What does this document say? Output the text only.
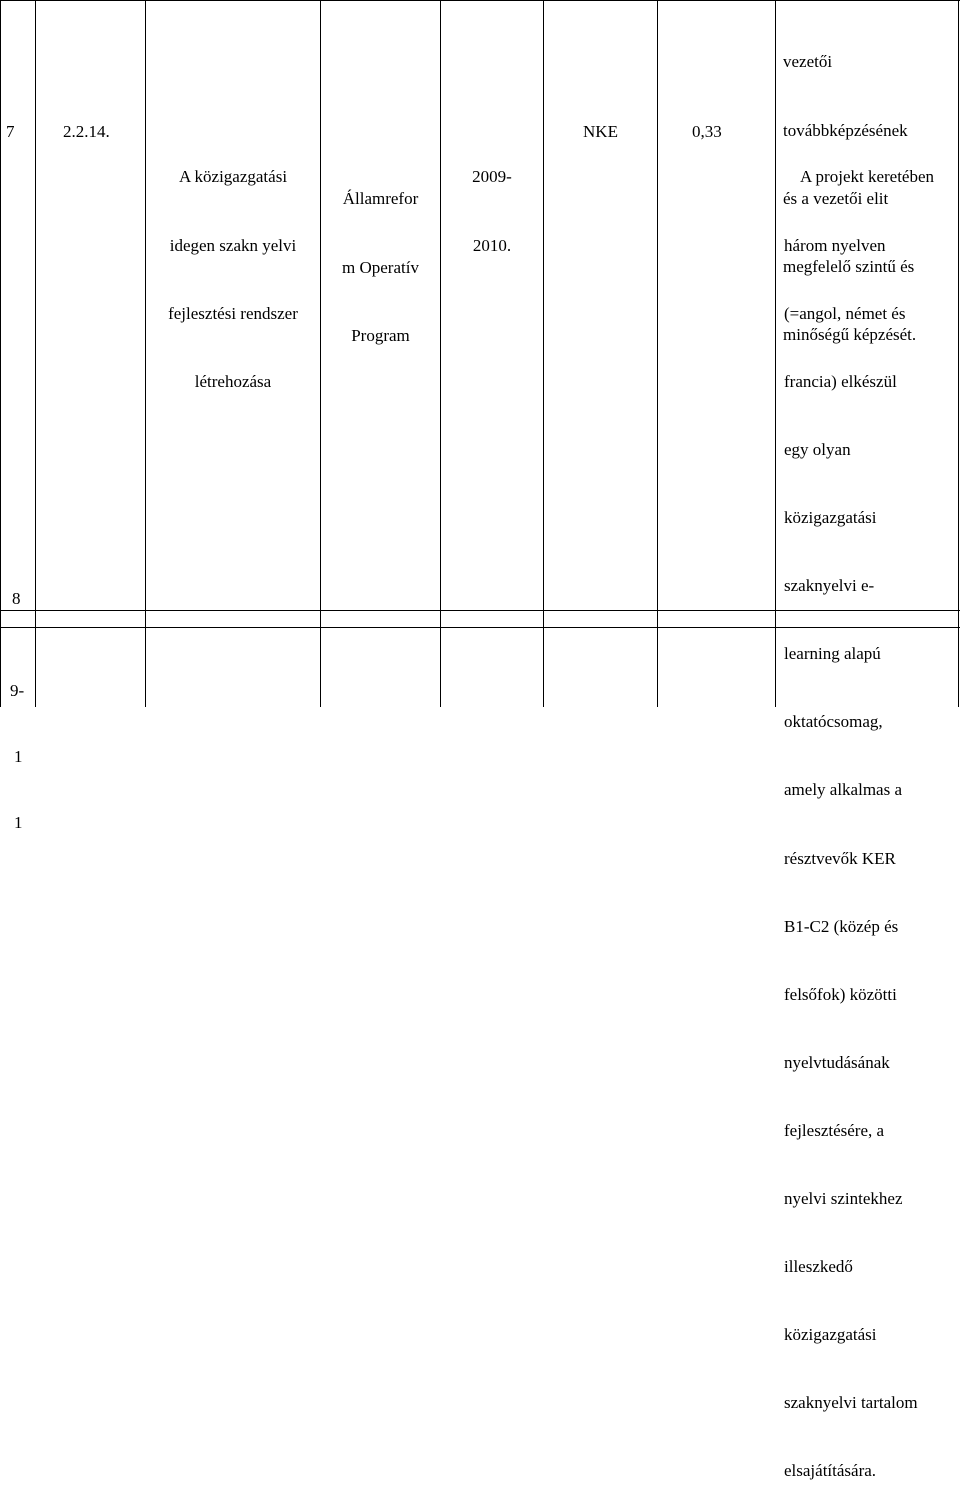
vezetői

továbbképzésének

és a vezetői elit

megfelelő szintű és

minőségű képzését.

7	2.2.14.

A közigazgatási

idegen szakn yelvi

fejlesztési rendszer

létrehozása

Államrefor

m Operatív

Program

2009-

2010.

NKE	0,33

A projekt keretében

három nyelven

(=angol, német és

francia) elkészül

egy olyan

közigazgatási

szaknyelvi e-

learning alapú

oktatócsomag,

amely alkalmas a

résztvevők KER

B1-C2 (közép és

felsőfok) közötti

nyelvtudásának

fejlesztésére, a

nyelvi szintekhez

illeszkedő

közigazgatási

szaknyelvi tartalom

elsajátítására.

8

9-

1

1
